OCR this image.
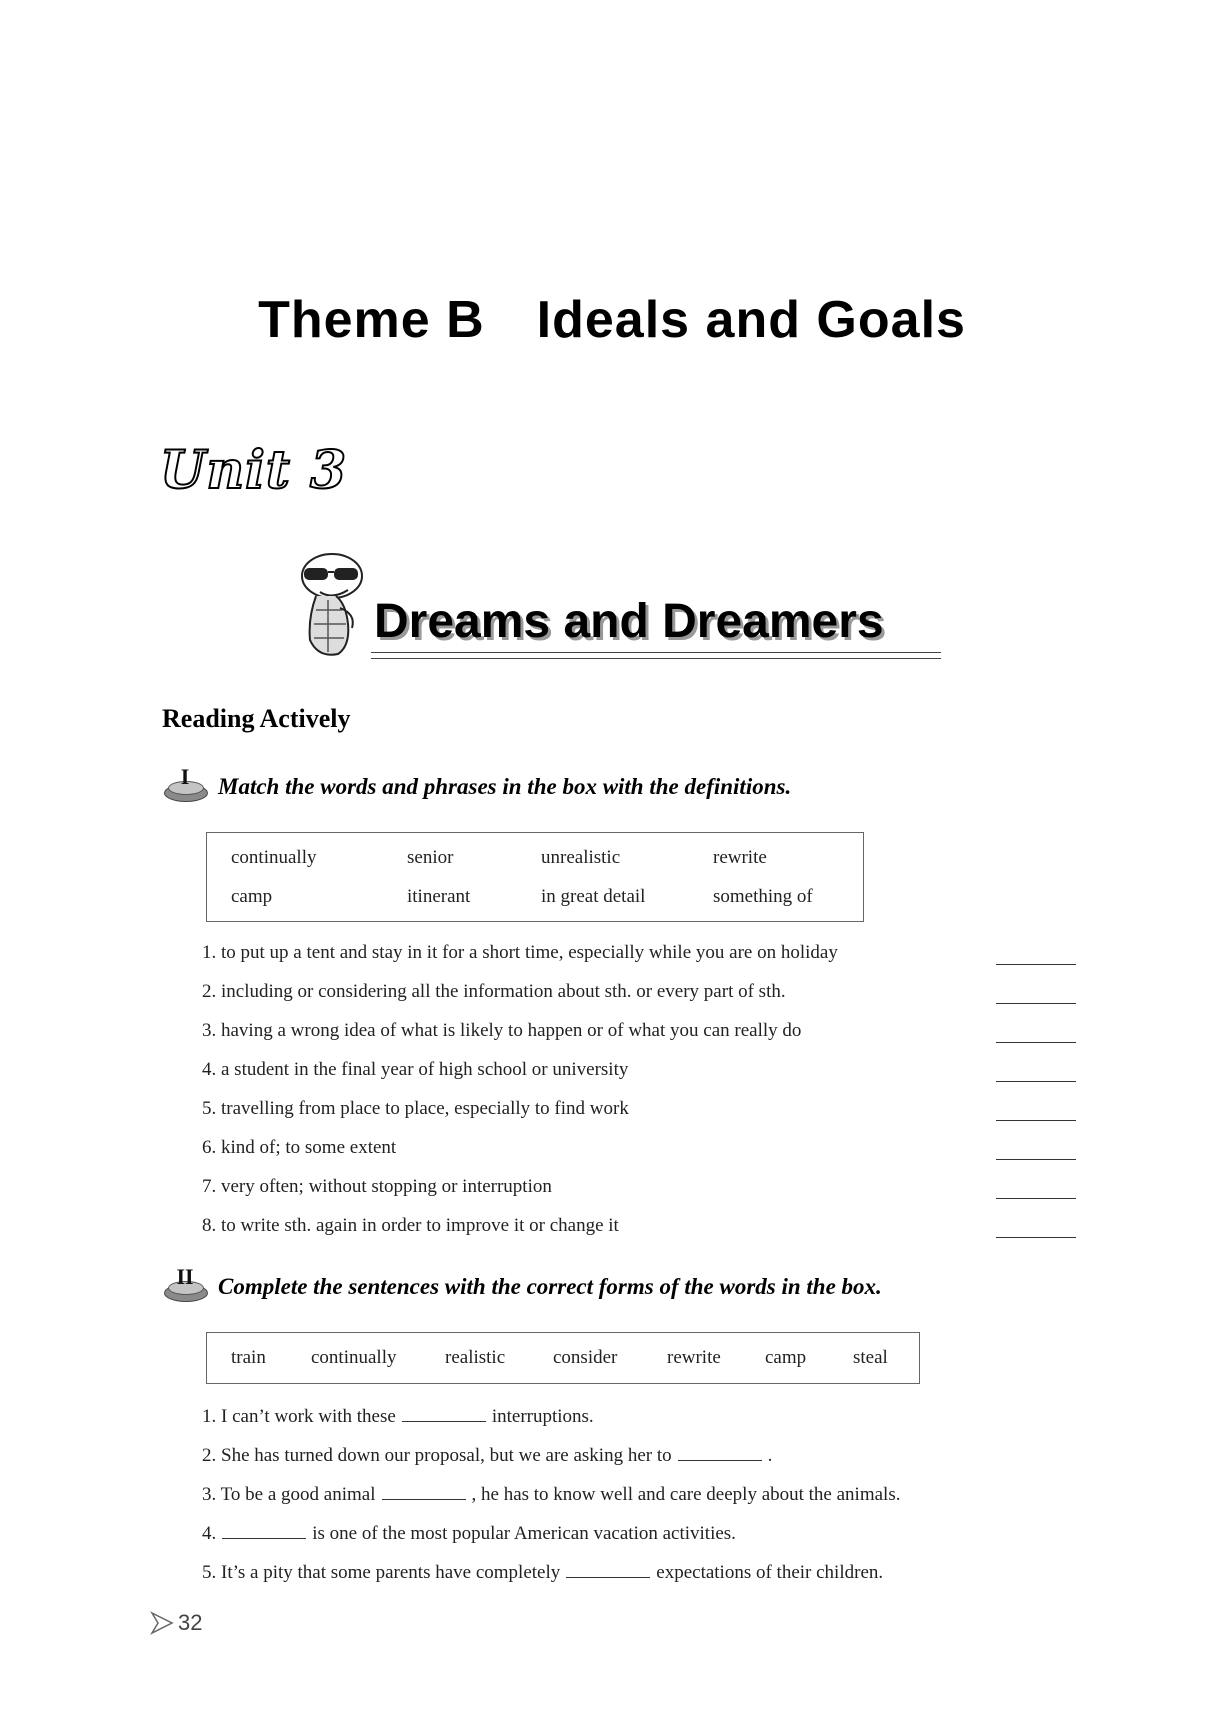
Theme B Ideals and Goals
Unit 3
Dreams and Dreamers
Reading Actively
I	Match the words and phrases in the box with the definitions.
continually	senior	unrealistic	rewrite
camp	itinerant	in great detail	something of
1. to put up a tent and stay in it for a short time, especially while you are on holiday
2. including or considering all the information about sth. or every part of sth.
3. having a wrong idea of what is likely to happen or of what you can really do
4. a student in the final year of high school or university
5. travelling from place to place, especially to find work
6. kind of; to some extent
7. very often; without stopping or interruption
8. to write sth. again in order to improve it or change it
II	Complete the sentences with the correct forms of the words in the box.
train continually	realistic	consider	rewrite camp steal
1. I can’t work with these	interruptions.
2. She has turned down our proposal, but we are asking her to	.
3. To be a good animal	, he has to know well and care deeply about the animals.
4.	is one of the most popular American vacation activities.
5. It’s a pity that some parents have completely	expectations of their children.
32
